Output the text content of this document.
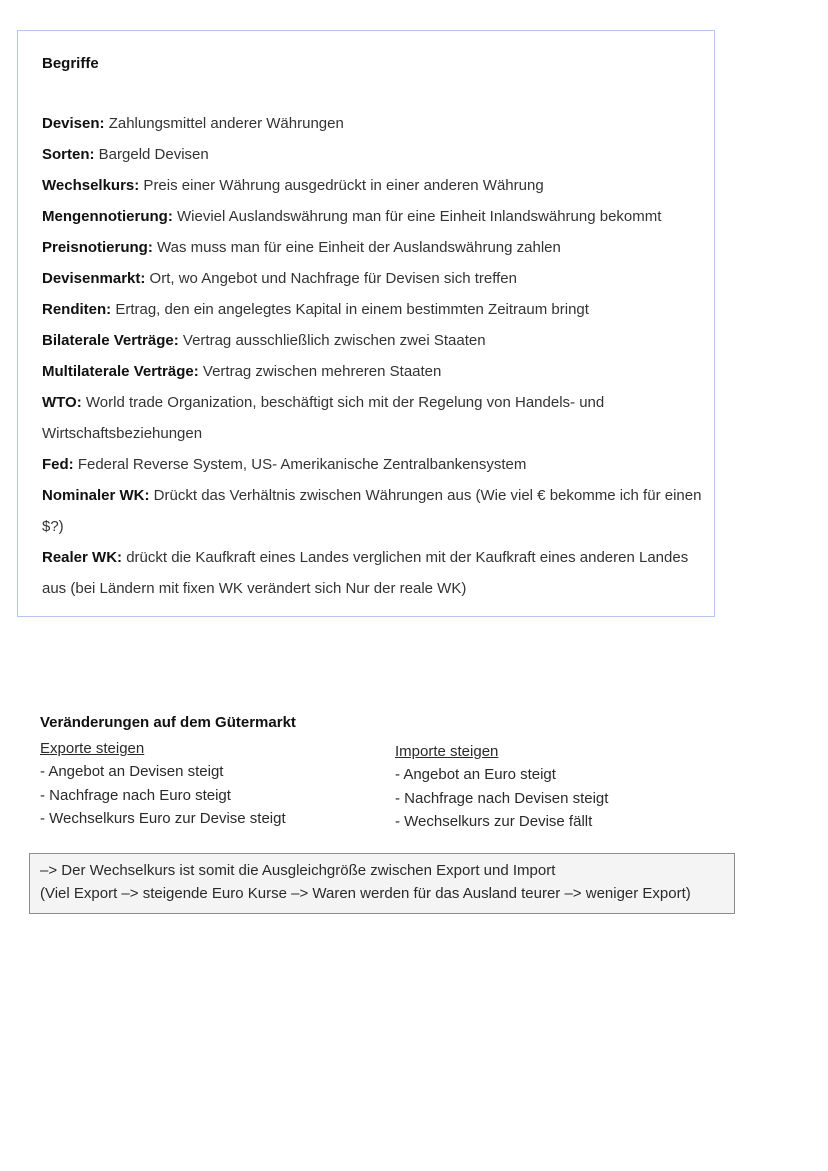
Begriffe
Devisen: Zahlungsmittel anderer Währungen
Sorten: Bargeld Devisen
Wechselkurs: Preis einer Währung ausgedrückt in einer anderen Währung
Mengennotierung: Wieviel Auslandswährung man für eine Einheit Inlandswährung bekommt
Preisnotierung: Was muss man für eine Einheit der Auslandswährung zahlen
Devisenmarkt: Ort, wo Angebot und Nachfrage für Devisen sich treffen
Renditen: Ertrag, den ein angelegtes Kapital in einem bestimmten Zeitraum bringt
Bilaterale Verträge: Vertrag ausschließlich zwischen zwei Staaten
Multilaterale Verträge: Vertrag zwischen mehreren Staaten
WTO: World trade Organization, beschäftigt sich mit der Regelung von Handels- und Wirtschaftsbeziehungen
Fed: Federal Reverse System, US- Amerikanische Zentralbankensystem
Nominaler WK: Drückt das Verhältnis zwischen Währungen aus (Wie viel € bekomme ich für einen $?)
Realer WK: drückt die Kaufkraft eines Landes verglichen mit der Kaufkraft eines anderen Landes aus (bei Ländern mit fixen WK verändert sich Nur der reale WK)
Veränderungen auf dem Gütermarkt
Exporte steigen
- Angebot an Devisen steigt
- Nachfrage nach Euro steigt
- Wechselkurs Euro zur Devise steigt
Importe steigen
- Angebot an Euro steigt
- Nachfrage nach Devisen steigt
- Wechselkurs zur Devise fällt
–> Der Wechselkurs ist somit die Ausgleichgröße zwischen Export und Import
(Viel Export –> steigende Euro Kurse –> Waren werden für das Ausland teurer –> weniger Export)
